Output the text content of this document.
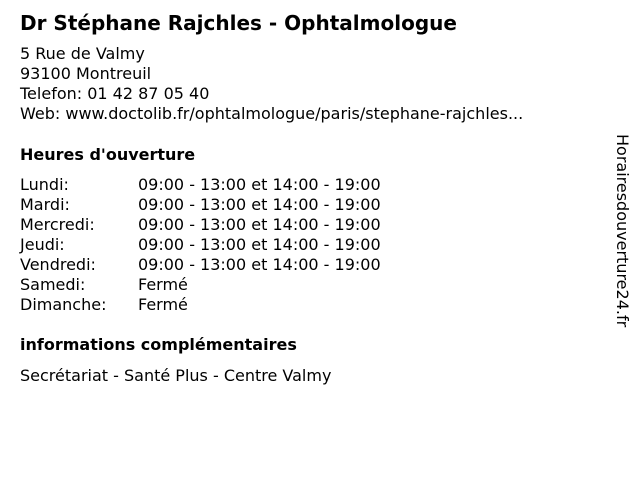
Dr Stéphane Rajchles - Ophtalmologue
5 Rue de Valmy
93100 Montreuil
Telefon: 01 42 87 05 40
Web: www.doctolib.fr/ophtalmologue/paris/stephane-rajchles...
Heures d'ouverture
Lundi:	09:00 - 13:00 et 14:00 - 19:00
Mardi:	09:00 - 13:00 et 14:00 - 19:00
Mercredi:	09:00 - 13:00 et 14:00 - 19:00
Jeudi:	09:00 - 13:00 et 14:00 - 19:00
Vendredi:	09:00 - 13:00 et 14:00 - 19:00
Samedi:	Fermé
Dimanche:	Fermé
informations complémentaires
Secrétariat - Santé Plus - Centre Valmy
Horairesdouverture24.fr
